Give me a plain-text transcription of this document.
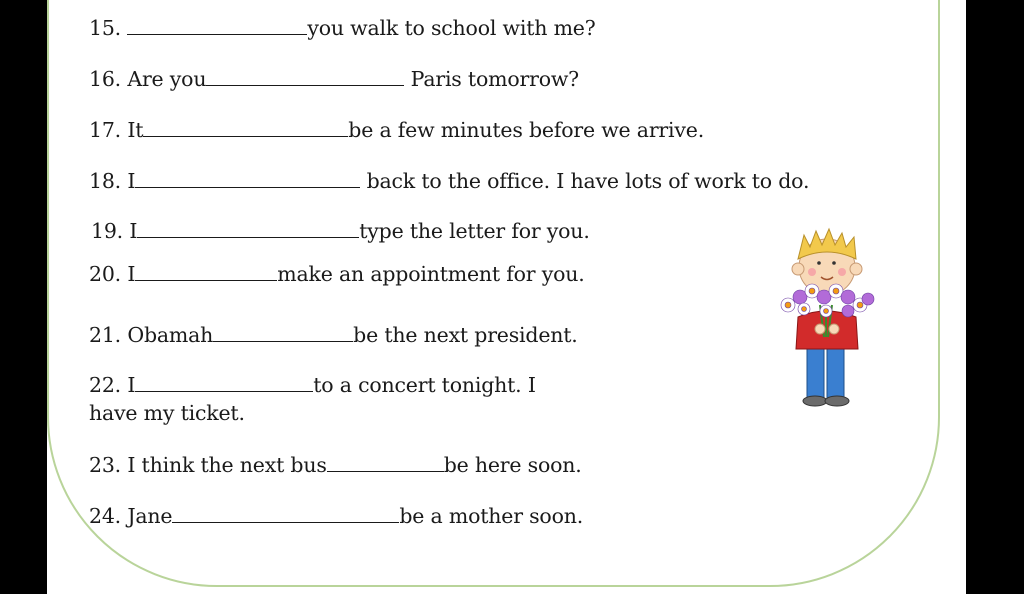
15.	you walk to school with me?
16. Are you	Paris tomorrow?
17. It	be a few minutes before we arrive.
18. I	back to the office. I have lots of work to do.
19. I	type the letter for you.
20. I	make an appointment for you.
21. Obamah	be the next president.
22. I	to a concert tonight. I
have my ticket.
23. I think the next bus	be here soon.
24. Jane	be a mother soon.
